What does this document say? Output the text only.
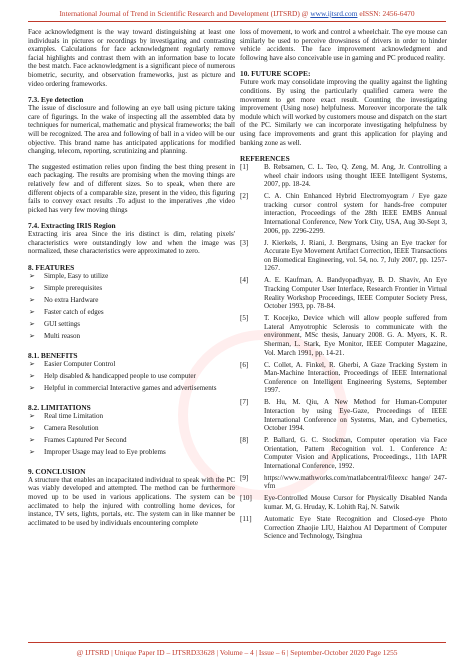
International Journal of Trend in Scientific Research and Development (IJTSRD) @ www.ijtsrd.com eISSN: 2456-6470

Face acknowledgment is the way toward distinguishing at least one individuals in pictures or recordings by investigating and contrasting examples. Calculations for face acknowledgment regularly remove facial highlights and contrast them with an information base to locate the best match. Face acknowledgment is a significant piece of numerous biometric, security, and observation frameworks, just as picture and video ordering frameworks.

7.3. Eye detection

The issue of disclosure and following an eye ball using picture taking care of figurings. In the wake of inspecting all the assembled data by techniques for numerical, mathematic and physical frameworks; the ball will be recognized. The area and following of ball in a video will be our objective. This brand name has anticipated applications for modified changing, telecom, reporting, scrutinizing and planning.

The suggested estimation relies upon finding the best thing present in each packaging. The results are promising when the moving things are relatively few and of different sizes. So to speak, when there are different objects of a comparable size, present in the video, this figuring fails to convey exact results .To adjust to the imperatives ,the video picked has very few moving things

7.4. Extracting IRIS Region

Extracting iris area Since the iris distinct is dim, relating pixels' characteristics were outstandingly low and when the image was normalized, these characteristics were approximated to zero.

8. FEATURES
➢ Simple, Easy to utilize
➢ Simple prerequisites
➢ No extra Hardware
➢ Faster catch of edges
➢ GUI settings
➢ Multi reason
8.1. BENEFITS
➢ Easier Computer Control
➢ Help disabled & handicapped people to use computer
➢ Helpful in commercial Interactive games and advertisements
8.2. LIMITATIONS
➢ Real time Limitation
➢ Camera Resolution
➢ Frames Captured Per Second
➢ Improper Usage may lead to Eye problems
9. CONCLUSION

A structure that enables an incapacitated individual to speak with the PC was viably developed and attempted. The method can be furthermore moved up to be used in various applications. The system can be acclimated to help the injured with controlling home devices, for instance, TV sets, lights, portals, etc. The system can in like manner be acclimated to be used by individuals encountering complete

loss of movement, to work and control a wheelchair. The eye mouse can similarly be used to perceive drowsiness of drivers in order to hinder vehicle accidents. The face improvement acknowledgment and following have also conceivable use in gaming and PC produced reality.

10. FUTURE SCOPE:

Future work may consolidate improving the quality against the lighting conditions. By using the particularly qualified camera were the movement to get more exact result. Counting the investigating improvement (Using nose) helpfulness. Moreover incorporate the talk module which will worked by customers mouse and dispatch on the start of the PC. Similarly we can incorporate investigating helpfulness by using face improvements and grant this application for playing and banking zone as well.

REFERENCES
[1]	B. Rebsamen, C. L. Teo, Q. Zeng, M. Ang, Jr. Controlling a wheel chair indoors using thought IEEE Intelligent Systems, 2007, pp. 18-24.
[2]	C. A. Chin Enhanced Hybrid Electromyogram / Eye gaze tracking cursor control system for hands-free computer interaction, Proceedings of the 28th IEEE EMBS Annual International Conference, New York City, USA, Aug 30-Sept 3, 2006, pp. 2296-2299.
[3]	J. Kierkels, J. Riani, J. Bergmans, Using an Eye tracker for Accurate Eye Movement Artifact Correction, IEEE Transactions on Biomedical Engineering, vol. 54, no. 7, July 2007, pp. 1257-1267.
[4]	A. E. Kaufman, A. Bandyopadhyay, B. D. Shaviv, An Eye Tracking Computer User Interface, Research Frontier in Virtual Reality Workshop Proceedings, IEEE Computer Society Press, October 1993, pp. 78-84.
[5]	T. Kocejko, Device which will allow people suffered from Lateral Amyotrophic Sclerosis to communicate with the environment, MSc thesis, January 2008. G. A. Myers, K. R. Sherman, L. Stark, Eye Monitor, IEEE Computer Magazine, Vol. March 1991, pp. 14-21.
[6]	C. Collet, A. Finkel, R. Gherbi, A Gaze Tracking System in Man-Machine Interaction, Proceedings of IEEE International Conference on Intelligent Engineering Systems, September 1997.
[7]	B. Hu, M. Qiu, A New Method for Human-Computer Interaction by using Eye-Gaze, Proceedings of IEEE International Conference on Systems, Man, and Cybernetics, October 1994.
[8]	P. Ballard, G. C. Stockman, Computer operation via Face Orientation, Pattern Recognition vol. 1. Conference A: Computer Vision and Applications, Proceedings., 11th IAPR International Conference, 1992.
[9]	https://www.mathworks.com/matlabcentral/fileexc hange/ 247-vfm
[10]	Eye-Controlled Mouse Cursor for Physically Disabled Nanda kumar. M, G. Hruday, K. Lohith Raj, N. Satwik
[11]	Automatic Eye State Recognition and Closed-eye Photo Correction Zhaojie LIU, Haizhou AI Department of Computer Science and Technology, Tsinghua
@ IJTSRD | Unique Paper ID – IJTSRD33628 | Volume – 4 | Issue – 6 | September-October 2020 Page 1255
